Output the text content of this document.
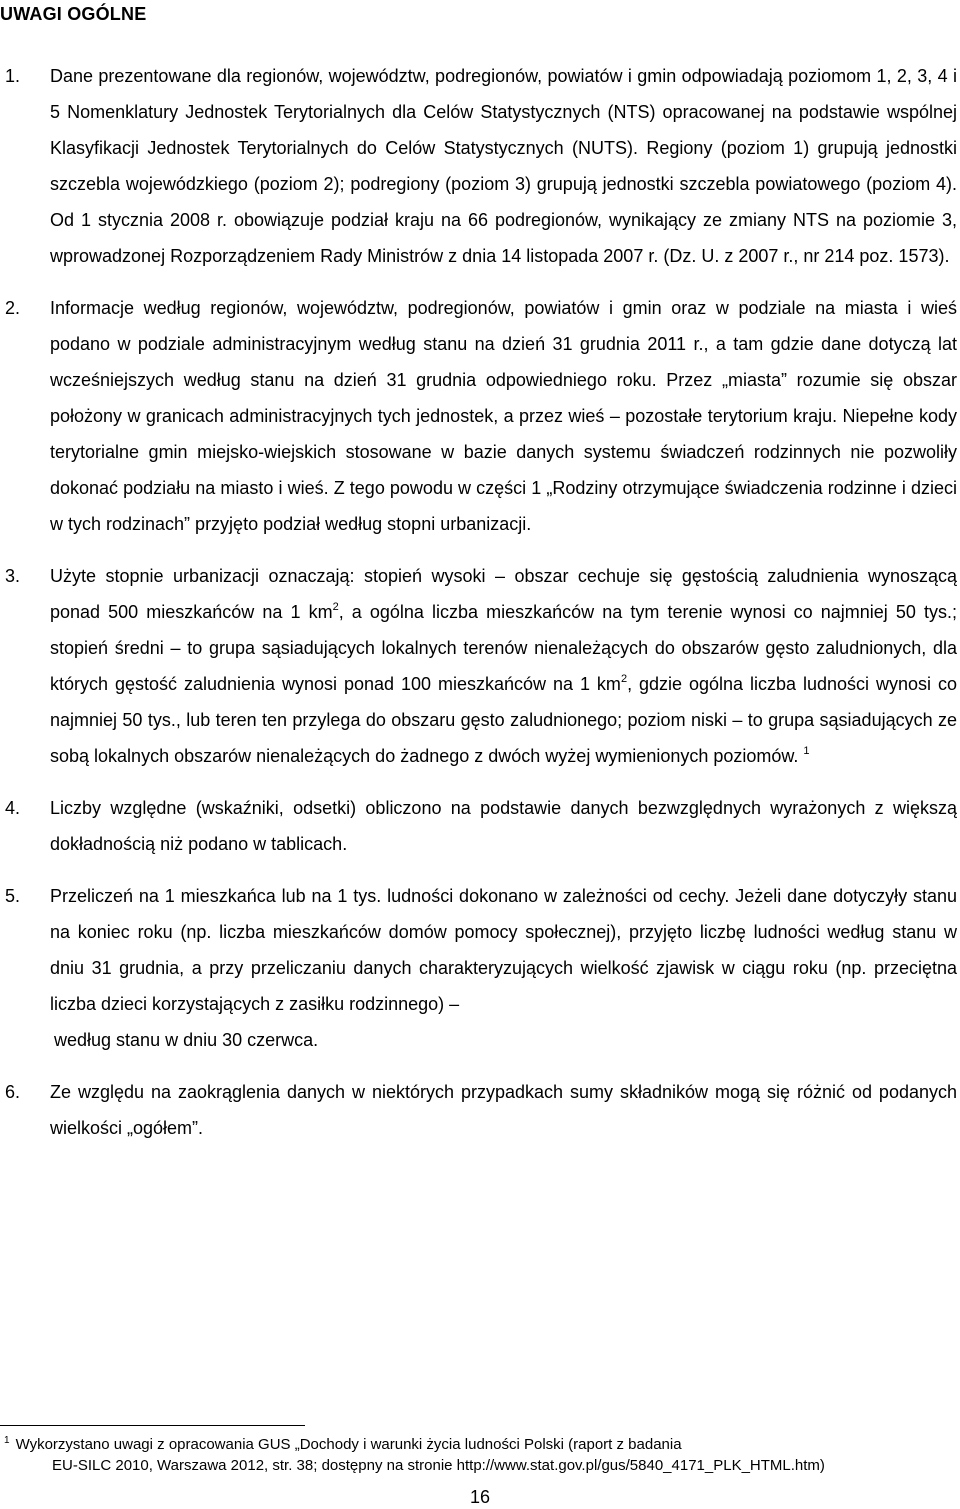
UWAGI OGÓLNE
1.	Dane prezentowane dla regionów, województw, podregionów, powiatów i gmin odpowiadają poziomom 1, 2, 3, 4 i 5 Nomenklatury Jednostek Terytorialnych dla Celów Statystycznych (NTS) opracowanej na podstawie wspólnej Klasyfikacji Jednostek Terytorialnych do Celów Statystycznych (NUTS). Regiony (poziom 1) grupują jednostki szczebla wojewódzkiego (poziom 2); podregiony (poziom 3) grupują jednostki szczebla powiatowego (poziom 4). Od 1 stycznia 2008 r. obowiązuje podział kraju na 66 podregionów, wynikający ze zmiany NTS na poziomie 3, wprowadzonej Rozporządzeniem Rady Ministrów z dnia 14 listopada 2007 r. (Dz. U. z 2007 r., nr 214 poz. 1573).
2.	Informacje według regionów, województw, podregionów, powiatów i gmin oraz w podziale na miasta i wieś podano w podziale administracyjnym według stanu na dzień 31 grudnia 2011 r., a tam gdzie dane dotyczą lat wcześniejszych według stanu na dzień 31 grudnia odpowiedniego roku. Przez „miasta” rozumie się obszar położony w granicach administracyjnych tych jednostek, a przez wieś – pozostałe terytorium kraju. Niepełne kody terytorialne gmin miejsko-wiejskich stosowane w bazie danych systemu świadczeń rodzinnych nie pozwoliły dokonać podziału na miasto i wieś. Z tego powodu w części 1 „Rodziny otrzymujące świadczenia rodzinne i dzieci w tych rodzinach” przyjęto podział według stopni urbanizacji.
3.	Użyte stopnie urbanizacji oznaczają: stopień wysoki – obszar cechuje się gęstością zaludnienia wynoszącą ponad 500 mieszkańców na 1 $km^2$, a ogólna liczba mieszkańców na tym terenie wynosi co najmniej 50 tys.; stopień średni – to grupa sąsiadujących lokalnych terenów nienależących do obszarów gęsto zaludnionych, dla których gęstość zaludnienia wynosi ponad 100 mieszkańców na 1 $km^2$, gdzie ogólna liczba ludności wynosi co najmniej 50 tys., lub teren ten przylega do obszaru gęsto zaludnionego; poziom niski – to grupa sąsiadujących ze sobą lokalnych obszarów nienależących do żadnego z dwóch wyżej wymienionych poziomów. $^1$
4.	Liczby względne (wskaźniki, odsetki) obliczono na podstawie danych bezwzględnych wyrażonych z większą dokładnością niż podano w tablicach.
5.	Przeliczeń na 1 mieszkańca lub na 1 tys. ludności dokonano w zależności od cechy. Jeżeli dane dotyczyły stanu na koniec roku (np. liczba mieszkańców domów pomocy społecznej), przyjęto liczbę ludności według stanu w dniu 31 grudnia, a przy przeliczaniu danych charakteryzujących wielkość zjawisk w ciągu roku (np. przeciętna liczba dzieci korzystających z zasiłku rodzinnego) –
według stanu w dniu 30 czerwca.
6.	Ze względu na zaokrąglenia danych w niektórych przypadkach sumy składników mogą się różnić od podanych wielkości „ogółem”.
$^1$ Wykorzystano uwagi z opracowania GUS „Dochody i warunki życia ludności Polski (raport z badania
EU-SILC 2010, Warszawa 2012, str. 38; dostępny na stronie http://www.stat.gov.pl/gus/5840_4171_PLK_HTML.htm)
16
